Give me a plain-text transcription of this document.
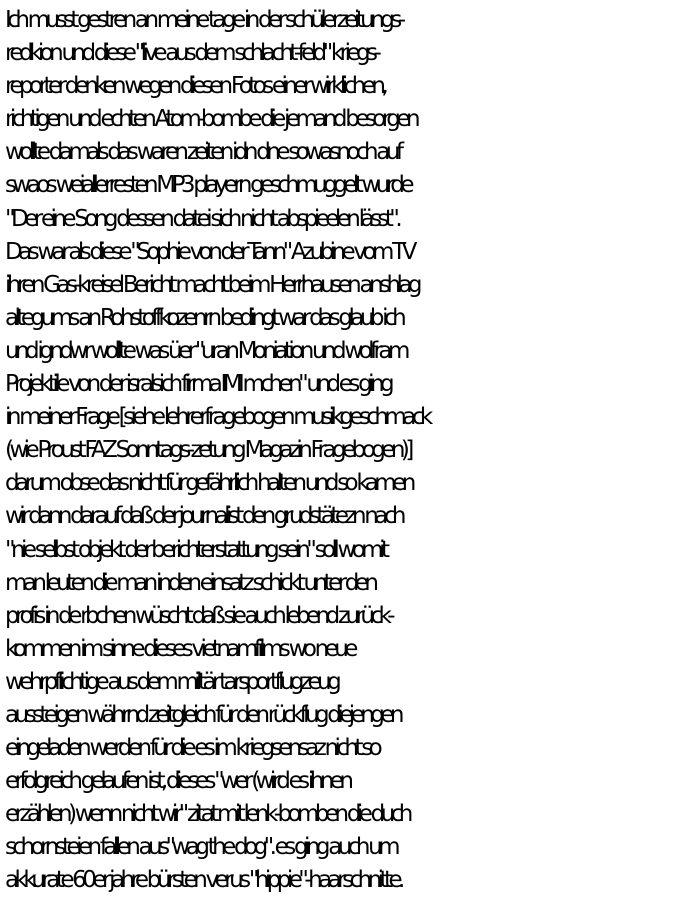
Ich musst gestren an meine tage in der schülerzeitungs-
redkion und diese "live aus dem schlacht-feld" kriegs-
reporter denken wegen diesen Fotos einer wirklichen,
richtigen und echten Atom-bombe die jemand besorgen
wollte damals das waren zeiten idn dne sowasnoch auf
swaos weiallerresten MP3 playern geschmuggelt wurde
"Der eine Song dessen datei sich nicht abspieelen lässt".
Das war als diese "Sophie von der Tann" Azubine vom TV
ihren Gas-kreisel Bericht macht beim Herrhausen anshlag
altegums an Rohstoffkozenrn bedingt war das glaub ich
und igndwr wollte was üer "uran Moniation und wolfram
Projektile von der isralsich firma IMI mchen" und es ging
in meiner Frage [siehe lehrerfragebogen musikgeschmack
(wie Proust FAZ Sonntags-zetung Magazin Fragebogen)]
darum obse das nicht für gefährlich halten und so kamen
wir dann darauf daß der journalist den grudstätezn nach
"nie selbst objekt der berichterstattung sein" soll womit
man leuten die man inden einsatz schickt unter den
profis in de rbchen wüscht daß sie auch lebend zurück-
kommen im sinne dieses vietnamfilms wo neue
wehrpflichtige aus dem miltär tarsportflugzeug
aussteigen währnd zeitgleich für den rückflug diejengen
eingeladen werden für die es im kriegsensaz nicht so
erfolgreich gelaufen ist, dieses "wer (wird es ihnen
erzählen) wenn nicht wir" zitat mit lenk-bomben die duch
schornsteien fallen aus"wag the dog". es ging auch um
akkurate 60er jahre bürsten verus "hippie"-haarschnitte.
